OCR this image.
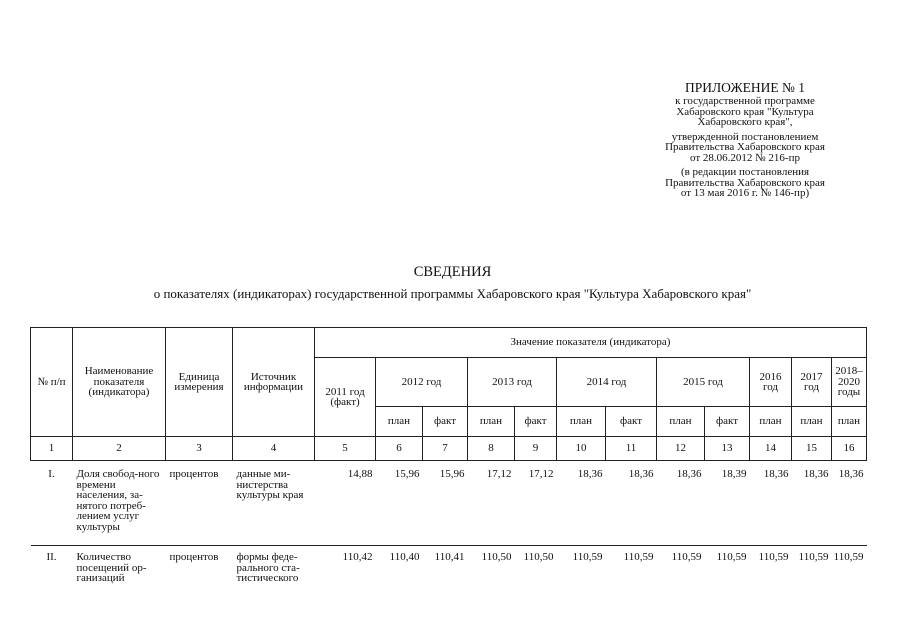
ПРИЛОЖЕНИЕ № 1
к государственной программе
Хабаровского края "Культура
Хабаровского края",
утвержденной постановлением
Правительства Хабаровского края
от 28.06.2012 № 216-пр
(в редакции постановления
Правительства Хабаровского края
от 13 мая 2016 г. № 146-пр)
СВЕДЕНИЯ
о показателях (индикаторах) государственной программы Хабаровского края "Культура Хабаровского края"
№ п/п	Наименование показателя (индикатора)	Единица измерения	Источник информации	Значение показателя (индикатора)											
				2011 год (факт)	2012 год		2013 год		2014 год		2015 год		2016 год	2017 год	2018–2020 годы
					план	факт	план	факт	план	факт	план	факт	план	план	план
1	2	3	4	5	6	7	8	9	10	11	12	13	14	15	16
I.	Доля свобод-ного времени населения, за-нятого потреб-лением услуг культуры	процентов	данные ми-нистерства культуры края	14,88	15,96	15,96	17,12	17,12	18,36	18,36	18,36	18,39	18,36	18,36	18,36
II.	Количество посещений ор-ганизаций	процентов	формы феде-рального ста-тистического	110,42	110,40	110,41	110,50	110,50	110,59	110,59	110,59	110,59	110,59	110,59	110,59
